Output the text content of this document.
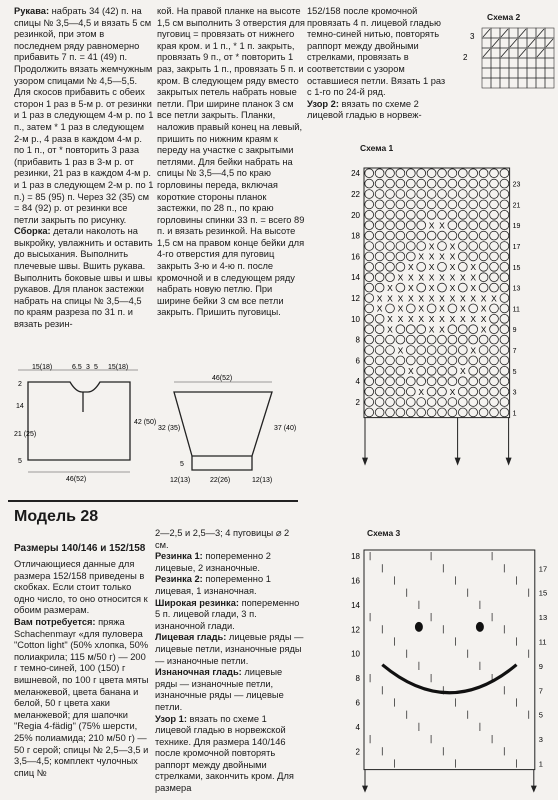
Рукава: набрать 34 (42) п. на спицы № 3,5—4,5 и вязать 5 см резинкой, при этом в последнем ряду равномерно прибавить 7 п. = 41 (49) п. Продолжить вязать жемчужным узором спицами № 4,5—5,5. Для скосов прибавить с обеих сторон 1 раз в 5-м р. от резинки и 1 раз в следующем 4-м р. по 1 п., затем * 1 раз в следующем 2-м р., 4 раза в каждом 4-м р. по 1 п., от * повторить 3 раза (прибавить 1 раз в 3-м р. от резинки, 21 раз в каждом 4-м р. и 1 раз в следующем 2-м р. по 1 п.) = 85 (95) п. Через 32 (35) см = 84 (92) р. от резинки все петли закрыть по рисунку.

Сборка: детали наколоть на выкройку, увлажнить и оставить до высыхания. Выполнить плечевые швы. Вшить рукава. Выполнить боковые швы и швы рукавов. Для планок застежки набрать на спицы № 3,5—4,5 по краям разреза по 31 п. и вязать резин-

кой. На правой планке на высоте 1,5 см выполнить 3 отверстия для пуговиц = провязать от нижнего края кром. и 1 п., * 1 п. закрыть, провязать 9 п., от * повторить 1 раз, закрыть 1 п., провязать 5 п. и кром. В следующем ряду вместо закрытых петель набрать новые петли. При ширине планок 3 см все петли закрыть. Планки, наложив правый конец на левый, пришить по нижним краям к переду на участке с закрытыми петлями. Для бейки набрать на спицы № 3,5—4,5 по краю горловины переда, включая короткие стороны планок застежки, по 28 п., по краю горловины спинки 33 п. = всего 89 п. и вязать резинкой. На высоте 1,5 см на правом конце бейки для 4-го отверстия для пуговиц закрыть 3-ю и 4-ю п. после кромочной и в следующем ряду набрать новую петлю. При ширине бейки 3 см все петли закрыть. Пришить пуговицы.

152/158 после кромочной провязать 4 п. лицевой гладью темно-синей нитью, повторять раппорт между двойными стрелками, провязать в соответствии с узором оставшиеся петли. Вязать 1 раз с 1-го по 24-й ряд.

Узор 2: вязать по схеме 2 лицевой гладью в норвеж-

Схема 2
3
2
Схема 1
X X
X X
X X X X
X X X X
X X X X X X X X
X X X X X
X X X X X X X X X X X X
X X X X X X
X X X X X X X X X X
X	X X	X
X	X
X	X
X	X
24
22
20
18
16
14
12
10
8
6
4
2
23
21
19
17
15
13
11
9
7
5
3
1
15(18)	6.5 3 5 15(18)
2
14
21 (25)
5
42 (50)
46(52)
46(52)
32 (35)	37 (40)
5
12(13)	22(26)	12(13)
Модель 28

Размеры 140/146 и 152/158

Отличающиеся данные для размера 152/158 приведены в скобках. Если стоит только одно число, то оно относится к обоим размерам.

Вам потребуется: пряжа Schachenmayr «для пуловера "Cotton light" (50% хлопка, 50% полиакрила; 115 м/50 г) — 200 г темно-синей, 100 (150) г вишневой, по 100 г цвета мяты меланжевой, цвета банана и белой, 50 г цвета хаки меланжевой; для шапочки "Regia 4-fädig" (75% шерсти, 25% полиамида; 210 м/50 г) — 50 г серой; спицы № 2,5—3,5 и 3,5—4,5; комплект чулочных спиц №

2—2,5 и 2,5—3; 4 пуговицы ⌀ 2 см.

Резинка 1: попеременно 2 лицевые, 2 изнаночные.

Резинка 2: попеременно 1 лицевая, 1 изнаночная.

Широкая резинка: попеременно 5 п. лицевой глади, 3 п. изнаночной глади.

Лицевая гладь: лицевые ряды — лицевые петли, изнаночные ряды — изнаночные петли.

Изнаночная гладь: лицевые ряды — изнаночные петли, изнаночные ряды — лицевые петли.

Узор 1: вязать по схеме 1 лицевой гладью в норвежской технике. Для размера 140/146 после кромочной повторять раппорт между двойными стрелками, закончить кром. Для размера

Схема 3
18
16
14
12
10
8
6
4
2
17
15
13
11
9
7
5
3
1
